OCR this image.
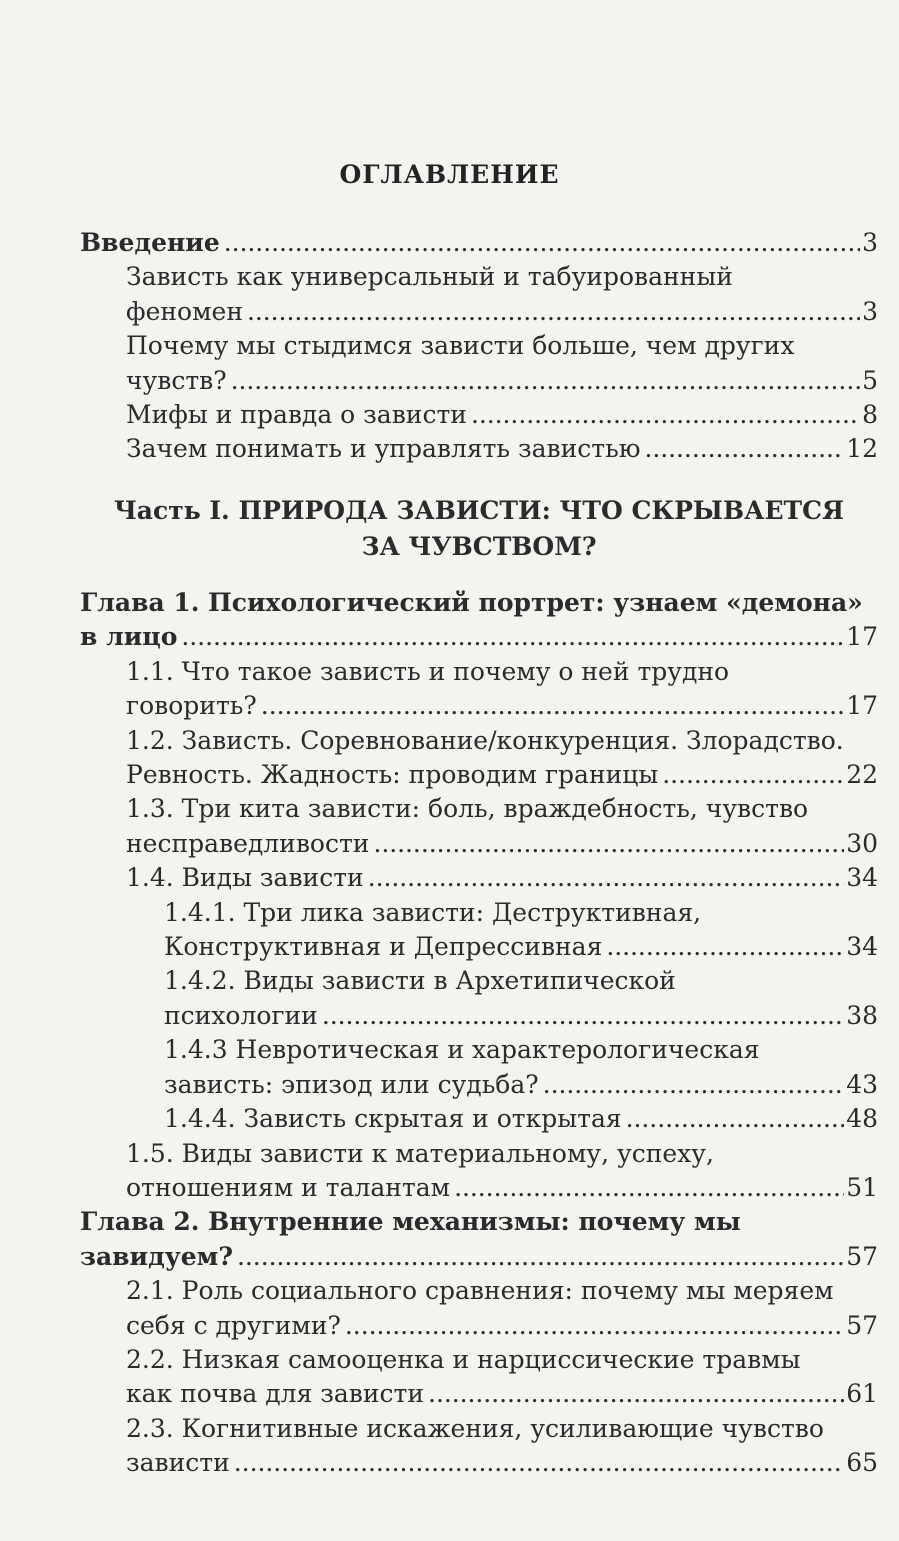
ОГЛАВЛЕНИЕ
Введение . . .	3
Зависть как универсальный и табуированный
феномен . . .	3
Почему мы стыдимся зависти больше, чем других
чувств? . . .	5
Мифы и правда о зависти . . .	8
Зачем понимать и управлять завистью . . .	12
Часть I. ПРИРОДА ЗАВИСТИ: ЧТО СКРЫВАЕТСЯ
ЗА ЧУВСТВОМ?
Глава 1. Психологический портрет: узнаем «демона»
в лицо . . .	17
1.1. Что такое зависть и почему о ней трудно
говорить? . . .	17
1.2. Зависть. Соревнование/конкуренция. Злорадство.
Ревность. Жадность: проводим границы . . .	22
1.3. Три кита зависти: боль, враждебность, чувство
несправедливости . . .	30
1.4. Виды зависти . . .	34
1.4.1. Три лика зависти: Деструктивная,
Конструктивная и Депрессивная . . .	34
1.4.2. Виды зависти в Архетипической
психологии . . .	38
1.4.3 Невротическая и характерологическая
зависть: эпизод или судьба? . . .	43
1.4.4. Зависть скрытая и открытая . . .	48
1.5. Виды зависти к материальному, успеху,
отношениям и талантам . . .	51
Глава 2. Внутренние механизмы: почему мы
завидуем? . . .	57
2.1. Роль социального сравнения: почему мы меряем
себя с другими? . . .	57
2.2. Низкая самооценка и нарциссические травмы
как почва для зависти . . .	61
2.3. Когнитивные искажения, усиливающие чувство
зависти . . .	65
